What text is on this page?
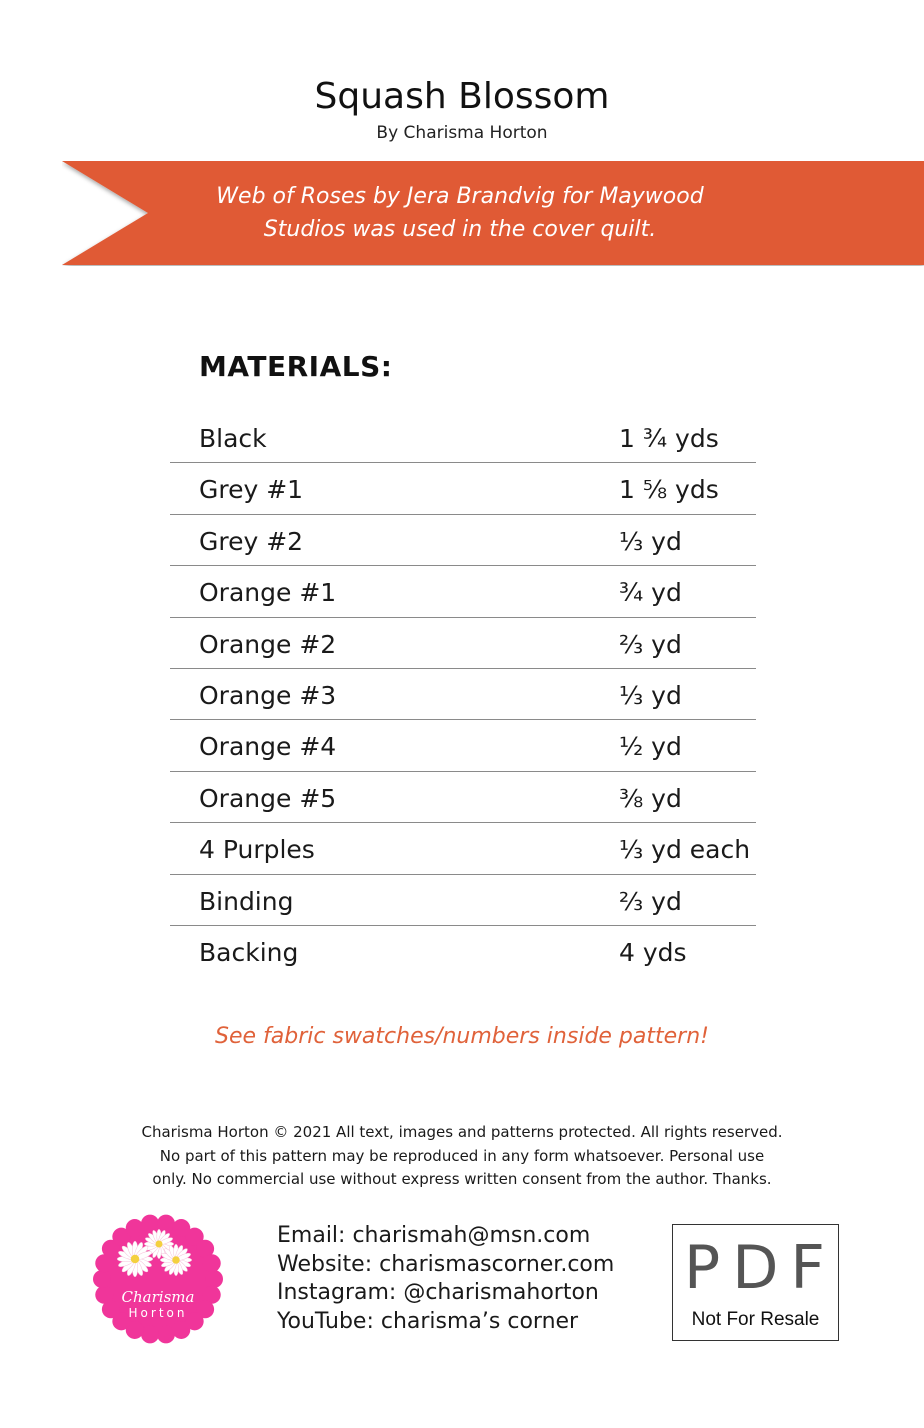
Squash Blossom
By Charisma Horton
Web of Roses by Jera Brandvig for Maywood
Studios was used in the cover quilt.
MATERIALS:
Black	1 ¾ yds
Grey #1	1 ⅝ yds
Grey #2	⅓ yd
Orange #1	¾ yd
Orange #2	⅔ yd
Orange #3	⅓ yd
Orange #4	½ yd
Orange #5	⅜ yd
4 Purples	⅓ yd each
Binding	⅔ yd
Backing	4 yds
See fabric swatches/numbers inside pattern!
Charisma Horton © 2021 All text, images and patterns protected. All rights reserved.
No part of this pattern may be reproduced in any form whatsoever. Personal use
only. No commercial use without express written consent from the author. Thanks.
Charisma
Horton
Email: charismah@msn.com
Website: charismascorner.com
Instagram: @charismahorton
YouTube: charisma’s corner
PDF
Not For Resale
